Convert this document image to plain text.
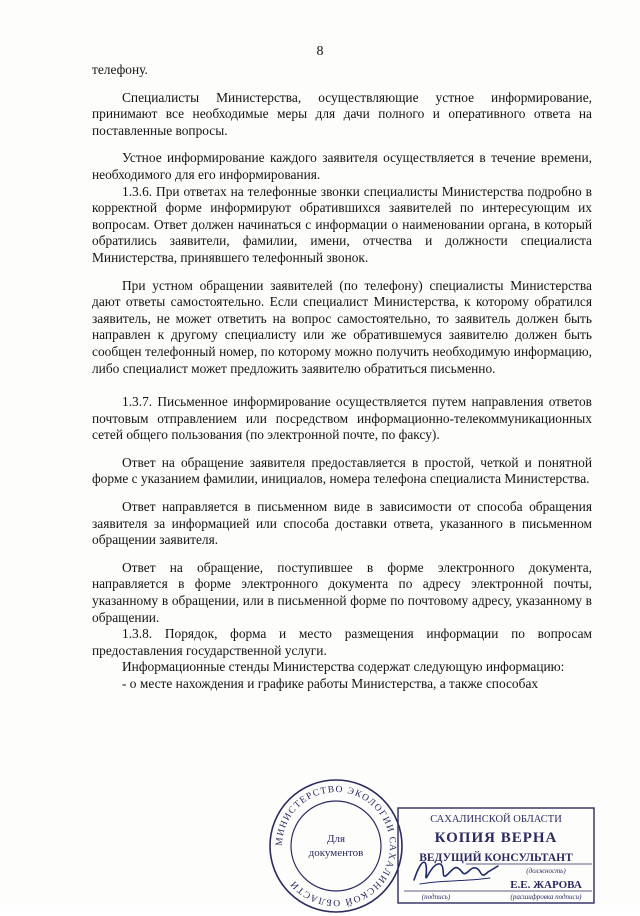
8

телефону.

Специалисты Министерства, осуществляющие устное информирование, принимают все необходимые меры для дачи полного и оперативного ответа на поставленные вопросы.

Устное информирование каждого заявителя осуществляется в течение времени, необходимого для его информирования.

1.3.6. При ответах на телефонные звонки специалисты Министерства подробно в корректной форме информируют обратившихся заявителей по интересующим их вопросам. Ответ должен начинаться с информации о наименовании органа, в который обратились заявители, фамилии, имени, отчества и должности специалиста Министерства, принявшего телефонный звонок.

При устном обращении заявителей (по телефону) специалисты Министерства дают ответы самостоятельно. Если специалист Министерства, к которому обратился заявитель, не может ответить на вопрос самостоятельно, то заявитель должен быть направлен к другому специалисту или же обратившемуся заявителю должен быть сообщен телефонный номер, по которому можно получить необходимую информацию, либо специалист может предложить заявителю обратиться письменно.

1.3.7. Письменное информирование осуществляется путем направления ответов почтовым отправлением или посредством информационно-телекоммуникационных сетей общего пользования (по электронной почте, по факсу).

Ответ на обращение заявителя предоставляется в простой, четкой и понятной форме с указанием фамилии, инициалов, номера телефона специалиста Министерства.

Ответ направляется в письменном виде в зависимости от способа обращения заявителя за информацией или способа доставки ответа, указанного в письменном обращении заявителя.

Ответ на обращение, поступившее в форме электронного документа, направляется в форме электронного документа по адресу электронной почты, указанному в обращении, или в письменной форме по почтовому адресу, указанному в обращении.

1.3.8. Порядок, форма и место размещения информации по вопросам предоставления государственной услуги.

Информационные стенды Министерства содержат следующую информацию:

- о месте нахождения и графике работы Министерства, а также способах

МИНИСТЕРСТВО ЭКОЛОГИИ САХАЛИНСКОЙ ОБЛАСТИ
Для
документов
САХАЛИНСКОЙ ОБЛАСТИ
КОПИЯ ВЕРНА
ВЕДУЩИЙ КОНСУЛЬТАНТ
(должность)
Е.Е. ЖАРОВА
(подпись)	(расшифровка подписи)
